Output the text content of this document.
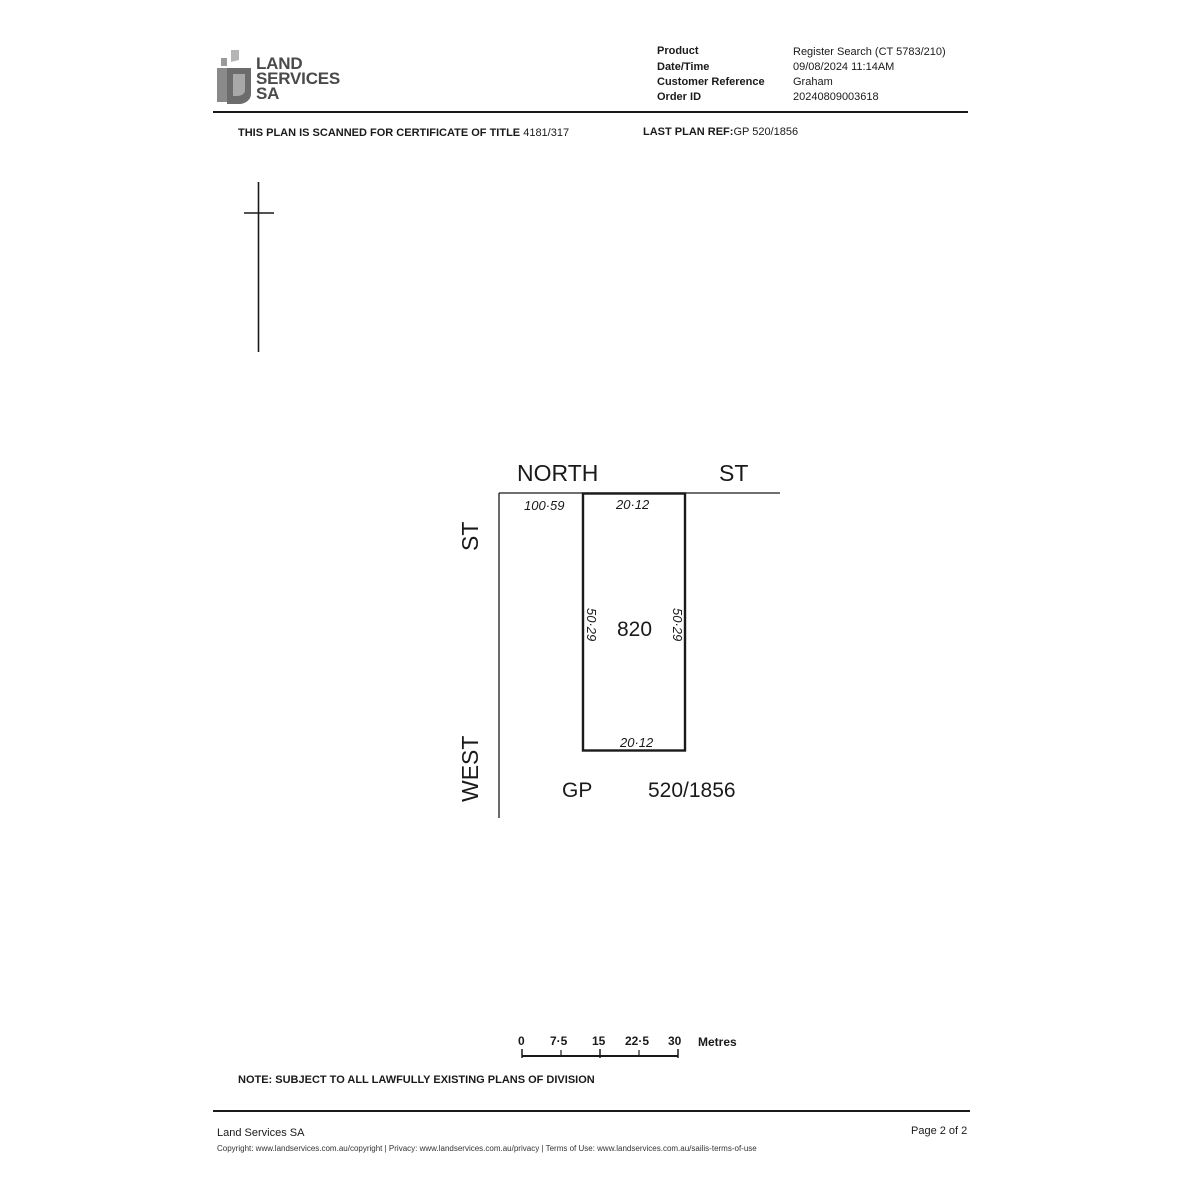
LAND
SERVICES
SA
Product	Register Search (CT 5783/210)
Date/Time	09/08/2024 11:14AM
Customer Reference	Graham
Order ID	20240809003618
THIS PLAN IS SCANNED FOR CERTIFICATE OF TITLE 4181/317	LAST PLAN REF:GP 520/1856
NORTH	ST
ST
WEST
100·59	20·12
20·12
50·29	50·29
820
GP	520/1856
0 7·5 15 22·5 30 Metres
NOTE: SUBJECT TO ALL LAWFULLY EXISTING PLANS OF DIVISION
Land Services SA	Page 2 of 2
Copyright: www.landservices.com.au/copyright | Privacy: www.landservices.com.au/privacy | Terms of Use: www.landservices.com.au/sailis-terms-of-use
